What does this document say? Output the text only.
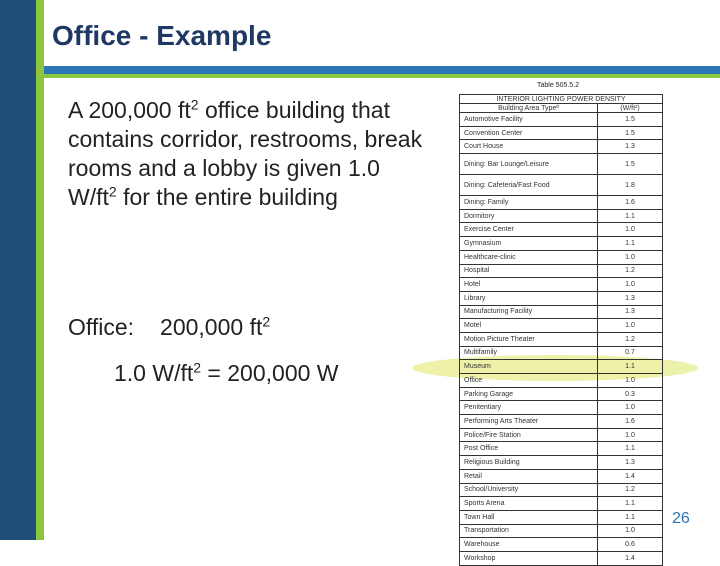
Office - Example
A 200,000 $ft^2$ office building that contains corridor, restrooms, break rooms and a lobby is given 1.0 $W/ft^2$ for the entire building
Office: 200,000 $ft^2$
1.0 $W/ft^2 = 200,000$ W
Table 505.5.2
INTERIOR LIGHTING POWER DENSITY	
Building Area Typeª	(W/ft²)
Automotive Facility	1.5
Convention Center	1.5
Court House	1.3
Dining: Bar Lounge/Leisure	1.5
Dining: Cafeteria/Fast Food	1.8
Dining: Family	1.6
Dormitory	1.1
Exercise Center	1.0
Gymnasium	1.1
Healthcare-clinic	1.0
Hospital	1.2
Hotel	1.0
Library	1.3
Manufacturing Facility	1.3
Motel	1.0
Motion Picture Theater	1.2
Multifamily	0.7
Museum	1.1
Office	1.0
Parking Garage	0.3
Penitentiary	1.0
Performing Arts Theater	1.6
Police/Fire Station	1.0
Post Office	1.1
Religious Building	1.3
Retail	1.4
School/University	1.2
Sports Arena	1.1
Town Hall	1.1
Transportation	1.0
Warehouse	0.6
Workshop	1.4
26
